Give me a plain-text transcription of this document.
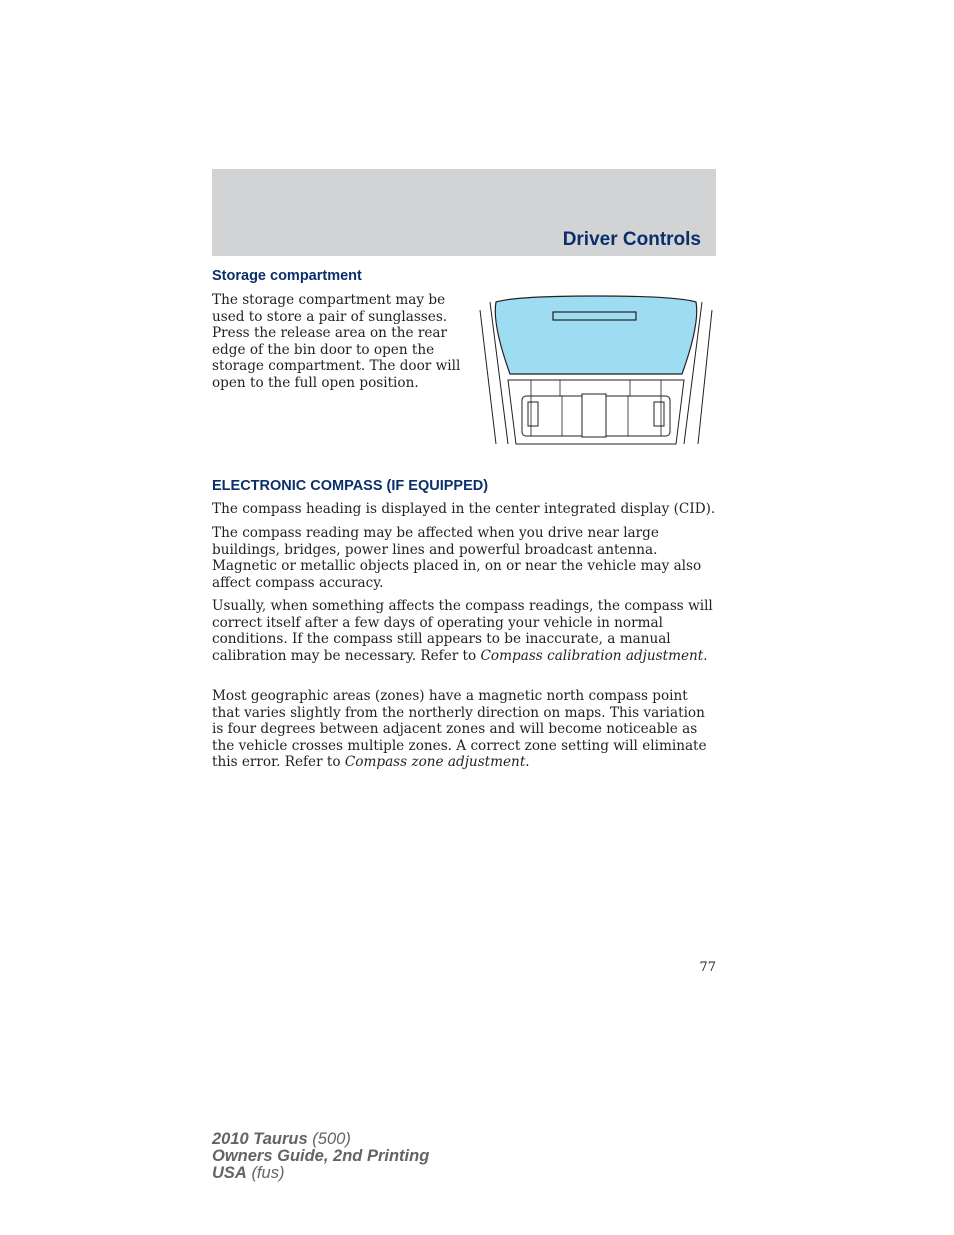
Driver Controls
Storage compartment

The storage compartment may be used to store a pair of sunglasses. Press the release area on the rear edge of the bin door to open the storage compartment. The door will open to the full open position.

ELECTRONIC COMPASS (IF EQUIPPED)

The compass heading is displayed in the center integrated display (CID).

The compass reading may be affected when you drive near large buildings, bridges, power lines and powerful broadcast antenna. Magnetic or metallic objects placed in, on or near the vehicle may also affect compass accuracy.

Usually, when something affects the compass readings, the compass will correct itself after a few days of operating your vehicle in normal conditions. If the compass still appears to be inaccurate, a manual calibration may be necessary. Refer to Compass calibration adjustment.

Most geographic areas (zones) have a magnetic north compass point that varies slightly from the northerly direction on maps. This variation is four degrees between adjacent zones and will become noticeable as the vehicle crosses multiple zones. A correct zone setting will eliminate this error. Refer to Compass zone adjustment.

77
2010 Taurus (500)
Owners Guide, 2nd Printing
USA (fus)
